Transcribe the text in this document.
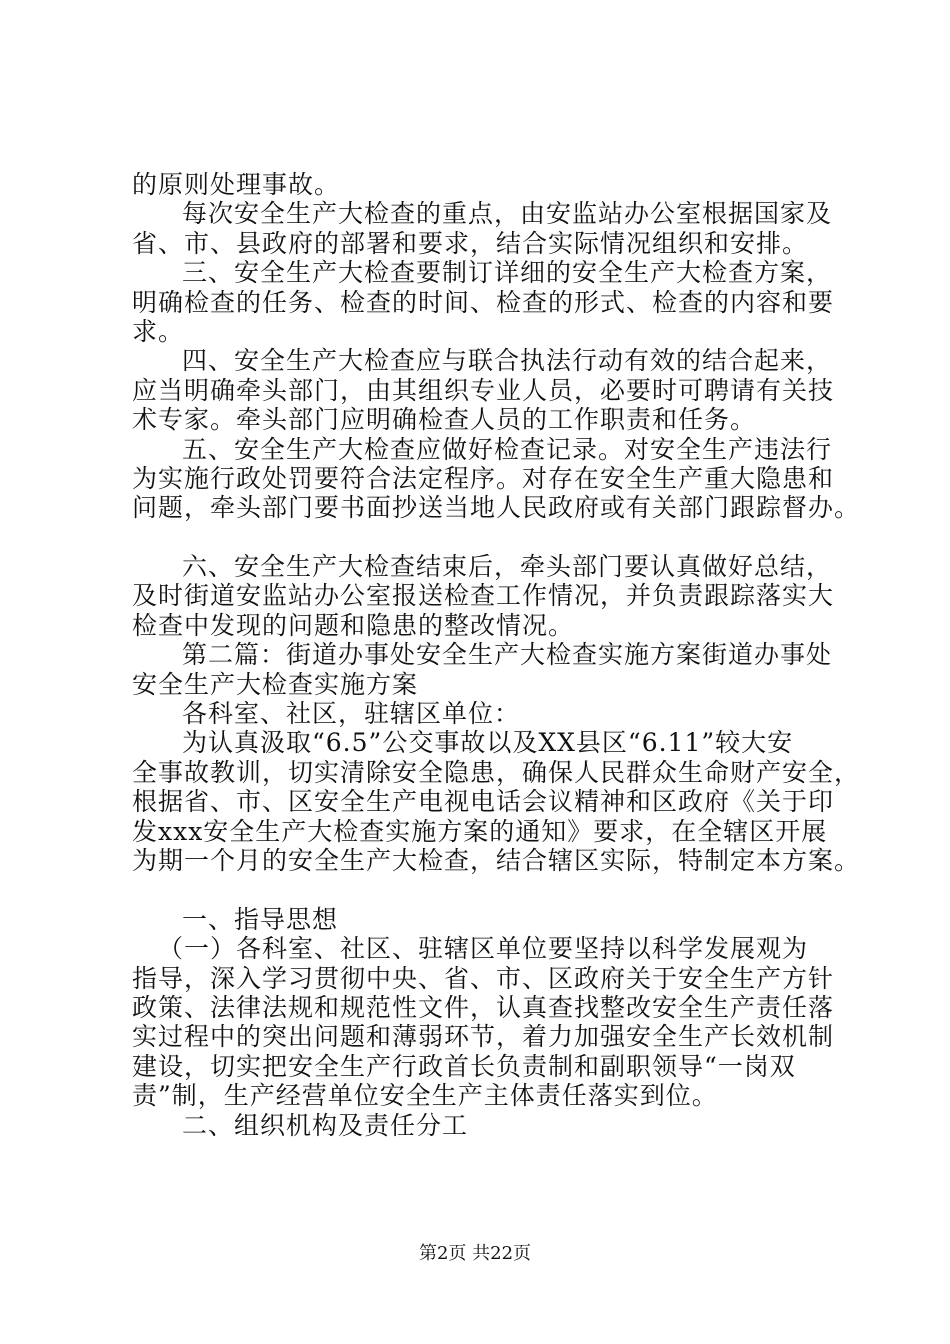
的原则处理事故。
每次安全生产大检查的重点，由安监站办公室根据国家及
省、市、县政府的部署和要求，结合实际情况组织和安排。
三、安全生产大检查要制订详细的安全生产大检查方案，
明确检查的任务、检查的时间、检查的形式、检查的内容和要
求。
四、安全生产大检查应与联合执法行动有效的结合起来，
应当明确牵头部门，由其组织专业人员，必要时可聘请有关技
术专家。牵头部门应明确检查人员的工作职责和任务。
五、安全生产大检查应做好检查记录。对安全生产违法行
为实施行政处罚要符合法定程序。对存在安全生产重大隐患和
问题，牵头部门要书面抄送当地人民政府或有关部门跟踪督办。
六、安全生产大检查结束后，牵头部门要认真做好总结，
及时街道安监站办公室报送检查工作情况，并负责跟踪落实大
检查中发现的问题和隐患的整改情况。
第二篇：街道办事处安全生产大检查实施方案街道办事处
安全生产大检查实施方案
各科室、社区，驻辖区单位：
为认真汲取“6.5”公交事故以及XX县区“6.11”较大安
全事故教训，切实清除安全隐患，确保人民群众生命财产安全，
根据省、市、区安全生产电视电话会议精神和区政府《关于印
发xxx安全生产大检查实施方案的通知》要求，在全辖区开展
为期一个月的安全生产大检查，结合辖区实际，特制定本方案。
一、指导思想
（一）各科室、社区、驻辖区单位要坚持以科学发展观为
指导，深入学习贯彻中央、省、市、区政府关于安全生产方针
政策、法律法规和规范性文件，认真查找整改安全生产责任落
实过程中的突出问题和薄弱环节，着力加强安全生产长效机制
建设，切实把安全生产行政首长负责制和副职领导“一岗双
责”制，生产经营单位安全生产主体责任落实到位。
二、组织机构及责任分工
第2页 共22页
